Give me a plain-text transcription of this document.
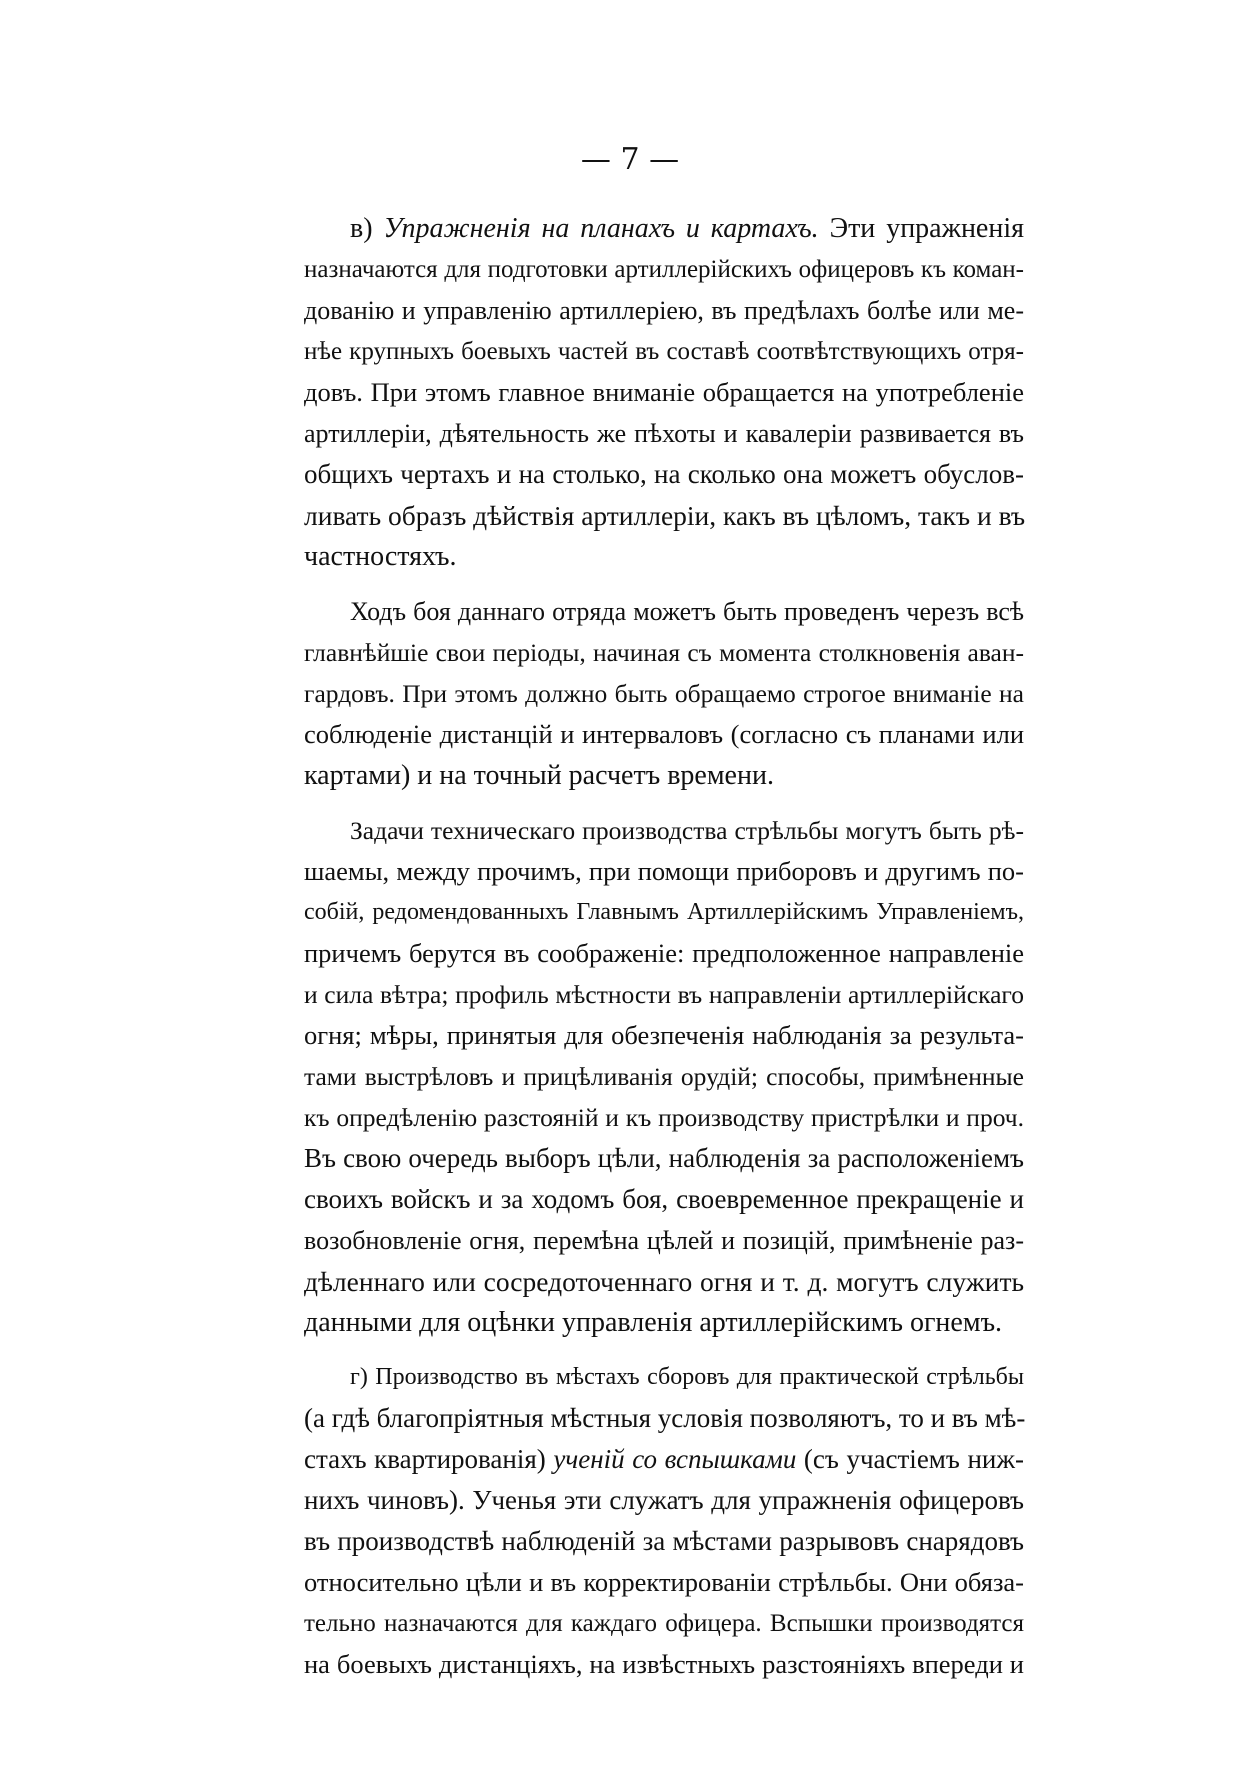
— 7 —
в) Упражненія на планахъ и картахъ. Эти упражненія
назначаются для подготовки артиллерійскихъ офицеровъ къ коман-
дованію и управленію артиллеріею, въ предѣлахъ болѣе или ме-
нѣе крупныхъ боевыхъ частей въ составѣ соотвѣтствующихъ отря-
довъ. При этомъ главное вниманіе обращается на употребленіе
артиллеріи, дѣятельность же пѣхоты и кавалеріи развивается въ
общихъ чертахъ и на столько, на сколько она можетъ обуслов-
ливать образъ дѣйствія артиллеріи, какъ въ цѣломъ, такъ и въ
частностяхъ.
Ходъ боя даннаго отряда можетъ быть проведенъ черезъ всѣ
главнѣйшіе свои періоды, начиная съ момента столкновенія аван-
гардовъ. При этомъ должно быть обращаемо строгое вниманіе на
соблюденіе дистанцій и интерваловъ (согласно съ планами или
картами) и на точный расчетъ времени.
Задачи техническаго производства стрѣльбы могутъ быть рѣ-
шаемы, между прочимъ, при помощи приборовъ и другимъ по-
собій, редомендованныхъ Главнымъ Артиллерійскимъ Управленіемъ,
причемъ берутся въ соображеніе: предположенное направленіе
и сила вѣтра; профиль мѣстности въ направленіи артиллерійскаго
огня; мѣры, принятыя для обезпеченія наблюданія за результа-
тами выстрѣловъ и прицѣливанія орудій; способы, примѣненные
къ опредѣленію разстояній и къ производству пристрѣлки и проч.
Въ свою очередь выборъ цѣли, наблюденія за расположеніемъ
своихъ войскъ и за ходомъ боя, своевременное прекращеніе и
возобновленіе огня, перемѣна цѣлей и позицій, примѣненіе раз-
дѣленнаго или сосредоточеннаго огня и т. д. могутъ служить
данными для оцѣнки управленія артиллерійскимъ огнемъ.
г) Производство въ мѣстахъ сборовъ для практической стрѣльбы
(а гдѣ благопріятныя мѣстныя условія позволяютъ, то и въ мѣ-
стахъ квартированія) ученій со вспышками (съ участіемъ ниж-
нихъ чиновъ). Ученья эти служатъ для упражненія офицеровъ
въ производствѣ наблюденій за мѣстами разрывовъ снарядовъ
относительно цѣли и въ корректированіи стрѣльбы. Они обяза-
тельно назначаются для каждаго офицера. Вспышки производятся
на боевыхъ дистанціяхъ, на извѣстныхъ разстояніяхъ впереди и
